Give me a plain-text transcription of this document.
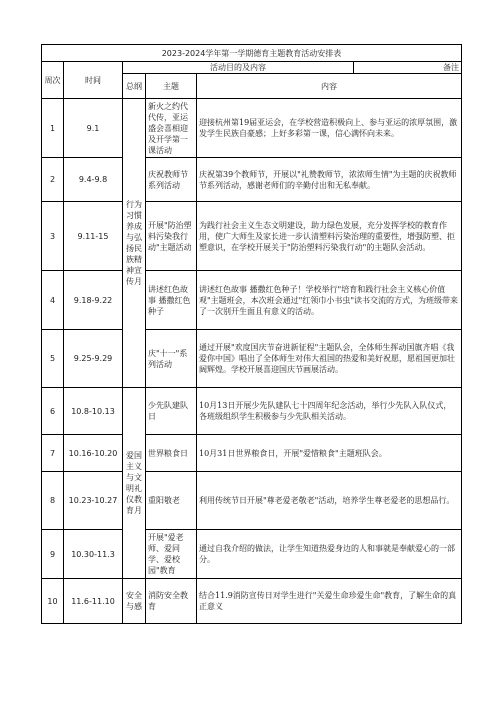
2023-2024学年第一学期德育主题教育活动安排表					
周次	时间	活动目的及内容			备注
		总纲	主题	内容	
1	9.1	行为习惯养成与弘扬民族精神宣传月	新火之约代代传，亚运盛会喜相迎及开学第一课活动	迎接杭州第19届亚运会，在学校营造积极向上、参与亚运的浓厚氛围，激发学生民族自豪感；上好多彩第一课，信心满怀向未来。	
2	9.4-9.8		庆祝教师节系列活动	庆祝第39个教师节，开展以"礼赞教师节，浓浓师生情"为主题的庆祝教师节系列活动，感谢老师们的辛勤付出和无私奉献。	
3	9.11-15		开展"防治塑料污染我行动"主题活动	为践行社会主义生态文明建设，助力绿色发展，充分发挥学校的教育作用，使广大师生及家长进一步认清塑料污染治理的重要性，增强防塑、拒塑意识，在学校开展关于"防治塑料污染我行动"的主题队会活动。	
4	9.18-9.22		讲述红色故事 播撒红色种子	讲述红色故事 播撒红色种子！学校举行"培育和践行社会主义核心价值观"主题班会，本次班会通过"红领巾小书虫"读书交流的方式，为班级带来了一次别开生面且有意义的活动。	
5	9.25-9.29		庆"十一"系列活动	通过开展"欢度国庆节奋进新征程"主题队会，全体师生挥动国旗齐唱《我爱你中国》唱出了全体师生对伟大祖国的热爱和美好祝愿，愿祖国更加壮阔辉煌。学校开展喜迎国庆节画展活动。	
6	10.8-10.13	爱国主义与文明礼仪教育月	少先队建队日	10月13日开展少先队建队七十四周年纪念活动，举行少先队入队仪式，各班级组织学生积极参与少先队相关活动。	
7	10.16-10.20		世界粮食日	10月31日世界粮食日，开展"爱惜粮食"主题班队会。	
8	10.23-10.27		重阳敬老	利用传统节日开展"尊老爱老敬老"活动，培养学生尊老爱老的思想品行。	
9	10.30-11.3		开展"爱老师、爱同学、爱校园"教育	通过自我介绍的做法，让学生知道热爱身边的人和事就是奉献爱心的一部分。	
10	11.6-11.10	安全与感	消防安全教育	结合11.9消防宣传日对学生进行"关爱生命珍爱生命"教育，了解生命的真正意义	
